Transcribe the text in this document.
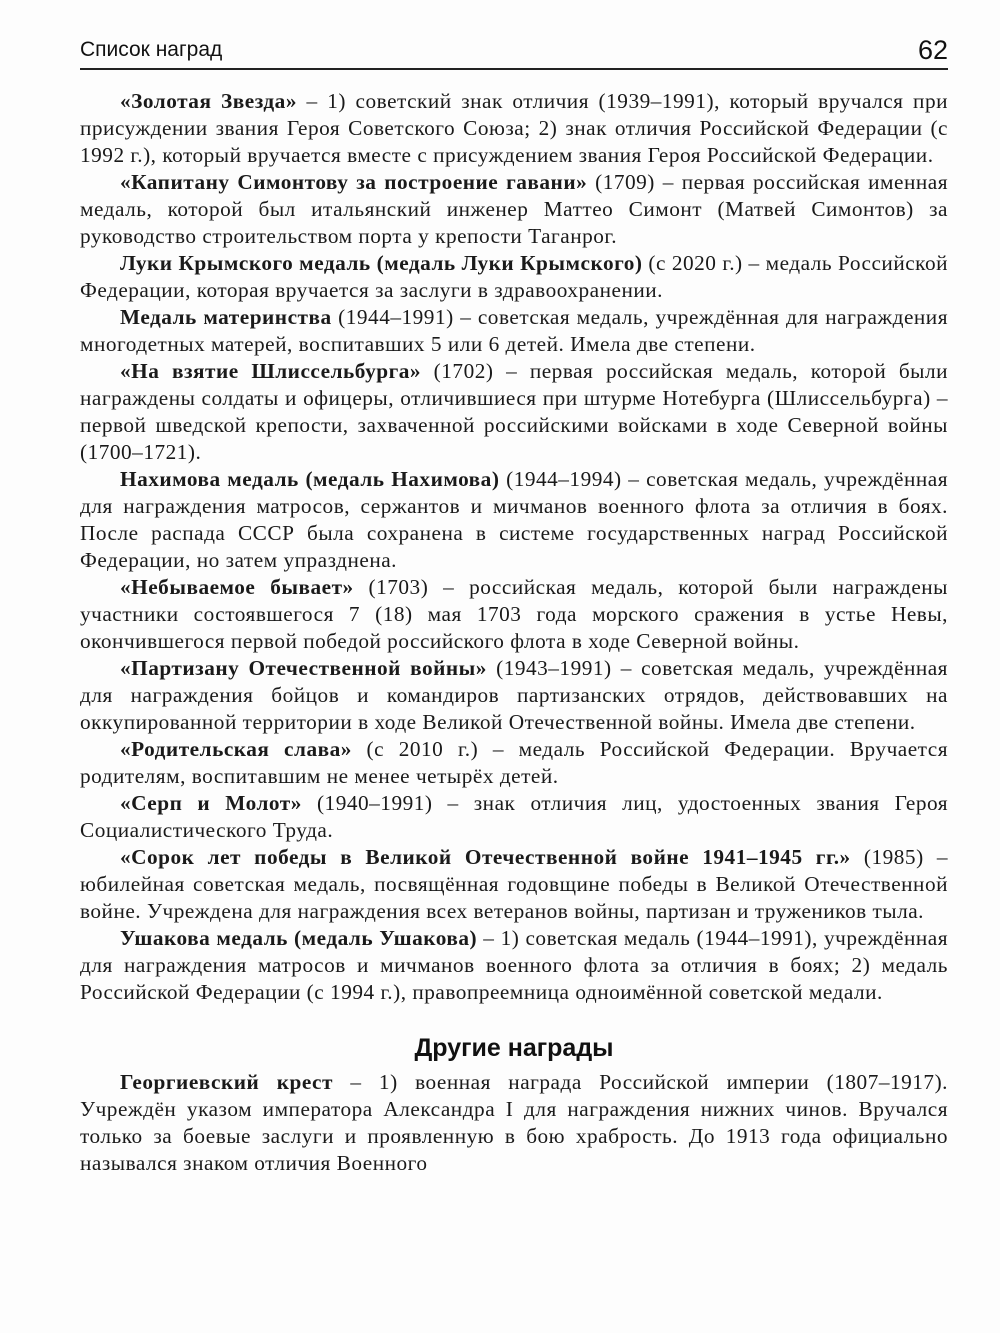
Список наград	62

«Золотая Звезда» – 1) советский знак отличия (1939–1991), который вручался при присуждении звания Героя Советского Союза; 2) знак отличия Российской Федерации (с 1992 г.), который вручается вместе с присуждением звания Героя Российской Федерации.

«Капитану Симонтову за построение гавани» (1709) – первая российская именная медаль, которой был итальянский инженер Маттео Симонт (Матвей Симонтов) за руководство строительством порта у крепости Таганрог.

Луки Крымского медаль (медаль Луки Крымского) (с 2020 г.) – медаль Российской Федерации, которая вручается за заслуги в здравоохранении.

Медаль материнства (1944–1991) – советская медаль, учреждённая для награждения многодетных матерей, воспитавших 5 или 6 детей. Имела две степени.

«На взятие Шлиссельбурга» (1702) – первая российская медаль, которой были награждены солдаты и офицеры, отличившиеся при штурме Нотебурга (Шлиссельбурга) – первой шведской крепости, захваченной российскими войсками в ходе Северной войны (1700–1721).

Нахимова медаль (медаль Нахимова) (1944–1994) – советская медаль, учреждённая для награждения матросов, сержантов и мичманов военного флота за отличия в боях. После распада СССР была сохранена в системе государственных наград Российской Федерации, но затем упразднена.

«Небываемое бывает» (1703) – российская медаль, которой были награждены участники состоявшегося 7 (18) мая 1703 года морского сражения в устье Невы, окончившегося первой победой российского флота в ходе Северной войны.

«Партизану Отечественной войны» (1943–1991) – советская медаль, учреждённая для награждения бойцов и командиров партизанских отрядов, действовавших на оккупированной территории в ходе Великой Отечественной войны. Имела две степени.

«Родительская слава» (с 2010 г.) – медаль Российской Федерации. Вручается родителям, воспитавшим не менее четырёх детей.

«Серп и Молот» (1940–1991) – знак отличия лиц, удостоенных звания Героя Социалистического Труда.

«Сорок лет победы в Великой Отечественной войне 1941–1945 гг.» (1985) – юбилейная советская медаль, посвящённая годовщине победы в Великой Отечественной войне. Учреждена для награждения всех ветеранов войны, партизан и тружеников тыла.

Ушакова медаль (медаль Ушакова) – 1) советская медаль (1944–1991), учреждённая для награждения матросов и мичманов военного флота за отличия в боях; 2) медаль Российской Федерации (с 1994 г.), правопреемница одноимённой советской медали.

Другие награды

Георгиевский крест – 1) военная награда Российской империи (1807–1917). Учреждён указом императора Александра I для награждения нижних чинов. Вручался только за боевые заслуги и проявленную в бою храбрость. До 1913 года официально назывался знаком отличия Военного
